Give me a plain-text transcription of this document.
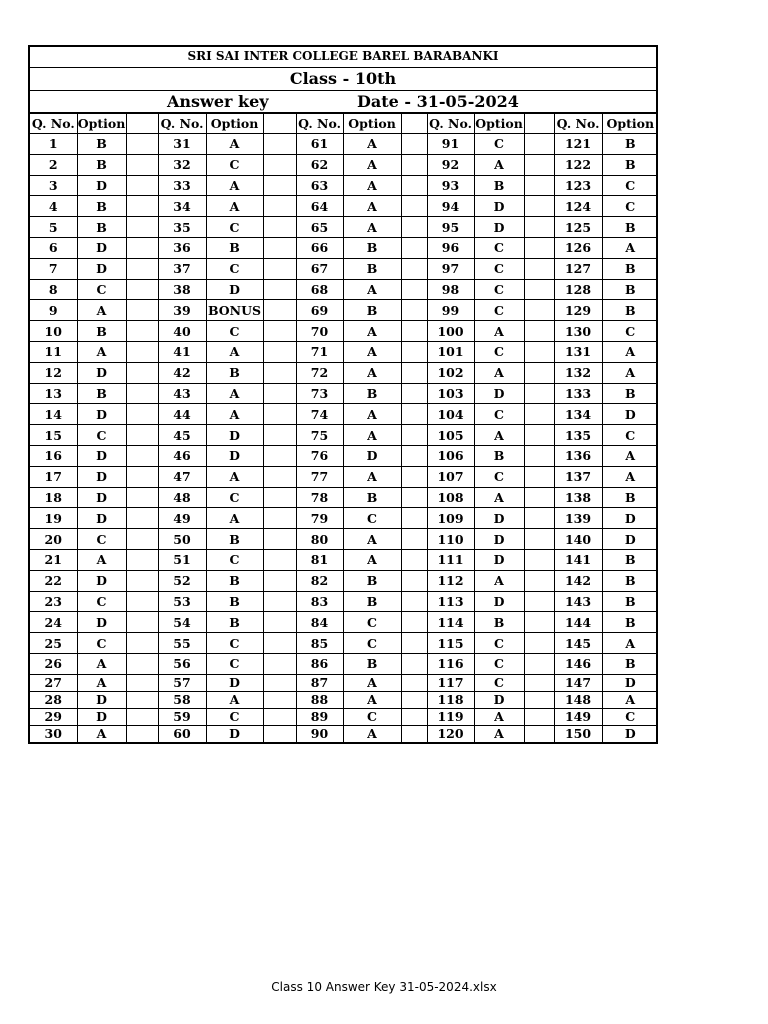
SRI SAI INTER COLLEGE BAREL BARABANKI
Class - 10th
Answer key	Date - 31-05-2024
Q. No.	Option		Q. No.	Option		Q. No.	Option		Q. No.	Option		Q. No.	Option
1	B		31	A		61	A		91	C		121	B
2	B		32	C		62	A		92	A		122	B
3	D		33	A		63	A		93	B		123	C
4	B		34	A		64	A		94	D		124	C
5	B		35	C		65	A		95	D		125	B
6	D		36	B		66	B		96	C		126	A
7	D		37	C		67	B		97	C		127	B
8	C		38	D		68	A		98	C		128	B
9	A		39	BONUS		69	B		99	C		129	B
10	B		40	C		70	A		100	A		130	C
11	A		41	A		71	A		101	C		131	A
12	D		42	B		72	A		102	A		132	A
13	B		43	A		73	B		103	D		133	B
14	D		44	A		74	A		104	C		134	D
15	C		45	D		75	A		105	A		135	C
16	D		46	D		76	D		106	B		136	A
17	D		47	A		77	A		107	C		137	A
18	D		48	C		78	B		108	A		138	B
19	D		49	A		79	C		109	D		139	D
20	C		50	B		80	A		110	D		140	D
21	A		51	C		81	A		111	D		141	B
22	D		52	B		82	B		112	A		142	B
23	C		53	B		83	B		113	D		143	B
24	D		54	B		84	C		114	B		144	B
25	C		55	C		85	C		115	C		145	A
26	A		56	C		86	B		116	C		146	B
27	A		57	D		87	A		117	C		147	D
28	D		58	A		88	A		118	D		148	A
29	D		59	C		89	C		119	A		149	C
30	A		60	D		90	A		120	A		150	D
Class 10 Answer Key 31-05-2024.xlsx
